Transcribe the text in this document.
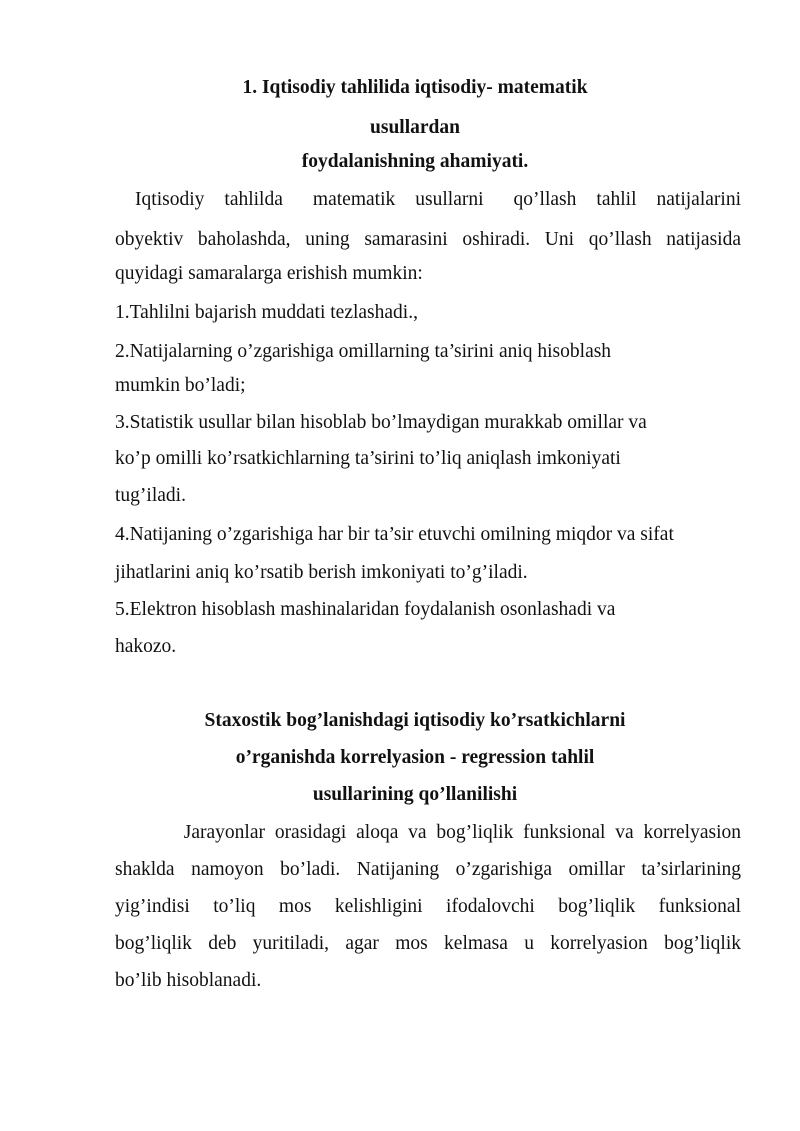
1. Iqtisodiy tahlilida iqtisodiy- matematik
usullardan
foydalanishning ahamiyati.
Iqtisodiy  tahlilda   matematik  usullarni   qo’llash  tahlil  natijalarini
obyektiv baholashda, uning samarasini oshiradi. Uni qo’llash natijasida
quyidagi samaralarga erishish mumkin:
1.Tahlilni bajarish muddati tezlashadi.,
2.Natijalarning o’zgarishiga omillarning ta’sirini aniq hisoblash
mumkin bo’ladi;
3.Statistik usullar bilan hisoblab bo’lmaydigan murakkab omillar va
ko’p omilli ko’rsatkichlarning ta’sirini to’liq aniqlash imkoniyati
tug’iladi.
4.Natijaning o’zgarishiga har bir ta’sir etuvchi omilning miqdor va sifat
jihatlarini aniq ko’rsatib berish imkoniyati to’g’iladi.
5.Elektron hisoblash mashinalaridan foydalanish osonlashadi va
hakozo.
Staxostik bog’lanishdagi iqtisodiy ko’rsatkichlarni
o’rganishda korrelyasion - regression tahlil
usullarining qo’llanilishi
Jarayonlar orasidagi aloqa va bog’liqlik funksional va korrelyasion
shaklda namoyon bo’ladi. Natijaning o’zgarishiga omillar ta’sirlarining
yig’indisi to’liq mos kelishligini ifodalovchi bog’liqlik funksional
bog’liqlik deb yuritiladi, agar mos kelmasa u korrelyasion bog’liqlik
bo’lib hisoblanadi.
